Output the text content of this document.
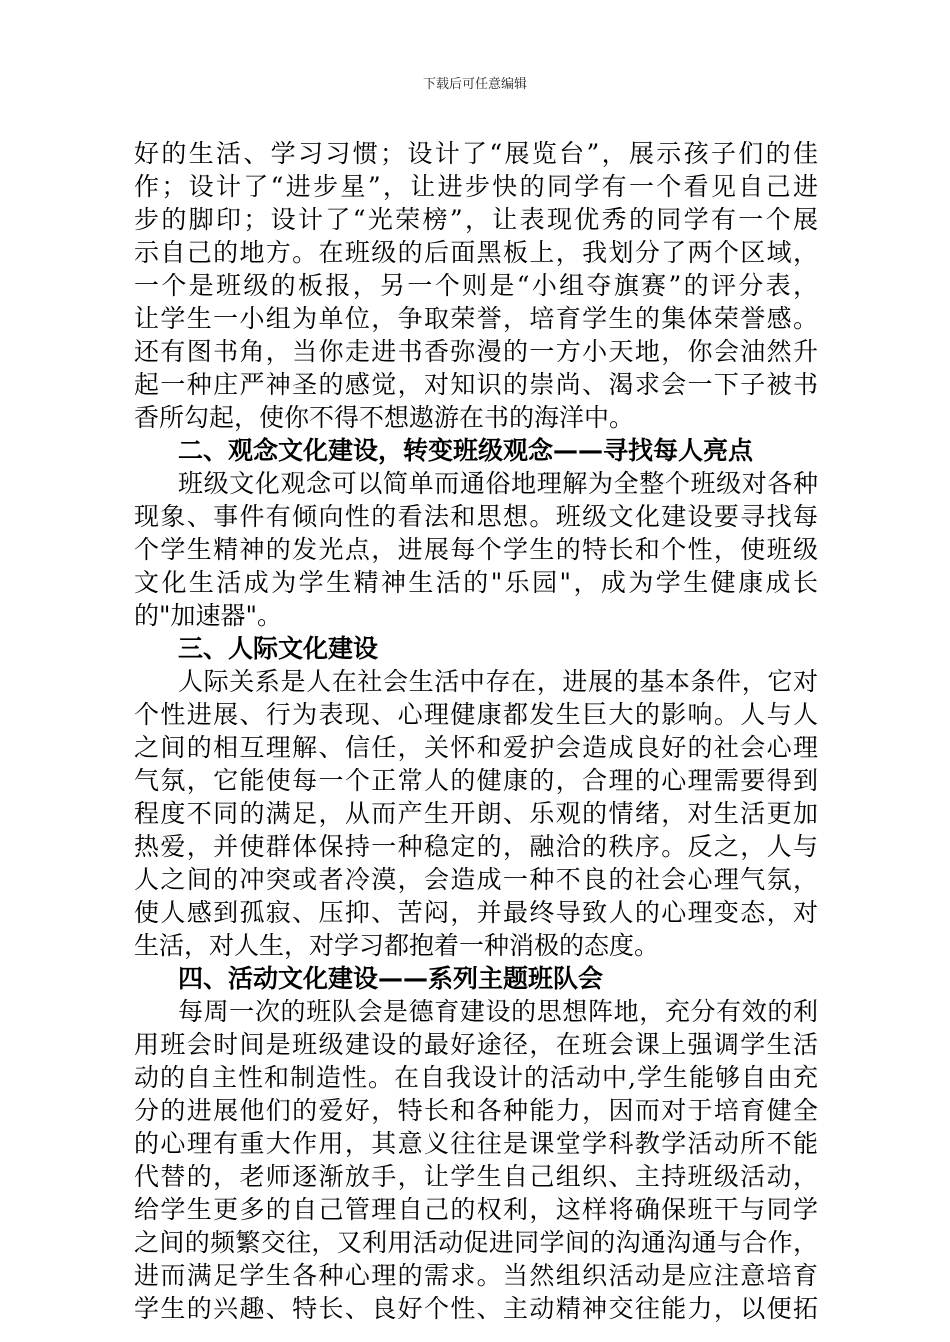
下载后可任意编辑
好的生活、学习习惯；设计了“展览台”，展示孩子们的佳
作；设计了“进步星”，让进步快的同学有一个看见自己进
步的脚印；设计了“光荣榜”，让表现优秀的同学有一个展
示自己的地方。在班级的后面黑板上，我划分了两个区域，
一个是班级的板报，另一个则是“小组夺旗赛”的评分表，
让学生一小组为单位，争取荣誉，培育学生的集体荣誉感。
还有图书角，当你走进书香弥漫的一方小天地，你会油然升
起一种庄严神圣的感觉，对知识的崇尚、渴求会一下子被书
香所勾起，使你不得不想遨游在书的海洋中。
二、观念文化建设，转变班级观念——寻找每人亮点
班级文化观念可以简单而通俗地理解为全整个班级对各种
现象、事件有倾向性的看法和思想。班级文化建设要寻找每
个学生精神的发光点，进展每个学生的特长和个性，使班级
文化生活成为学生精神生活的"乐园"，成为学生健康成长
的"加速器"。
三、人际文化建设
人际关系是人在社会生活中存在，进展的基本条件，它对
个性进展、行为表现、心理健康都发生巨大的影响。人与人
之间的相互理解、信任，关怀和爱护会造成良好的社会心理
气氛，它能使每一个正常人的健康的，合理的心理需要得到
程度不同的满足，从而产生开朗、乐观的情绪，对生活更加
热爱，并使群体保持一种稳定的，融洽的秩序。反之，人与
人之间的冲突或者冷漠，会造成一种不良的社会心理气氛，
使人感到孤寂、压抑、苦闷，并最终导致人的心理变态，对
生活，对人生，对学习都抱着一种消极的态度。
四、活动文化建设——系列主题班队会
每周一次的班队会是德育建设的思想阵地，充分有效的利
用班会时间是班级建设的最好途径，在班会课上强调学生活
动的自主性和制造性。在自我设计的活动中,学生能够自由充
分的进展他们的爱好，特长和各种能力，因而对于培育健全
的心理有重大作用，其意义往往是课堂学科教学活动所不能
代替的，老师逐渐放手，让学生自己组织、主持班级活动，
给学生更多的自己管理自己的权利，这样将确保班干与同学
之间的频繁交往，又利用活动促进同学间的沟通沟通与合作，
进而满足学生各种心理的需求。当然组织活动是应注意培育
学生的兴趣、特长、良好个性、主动精神交往能力，以便拓
